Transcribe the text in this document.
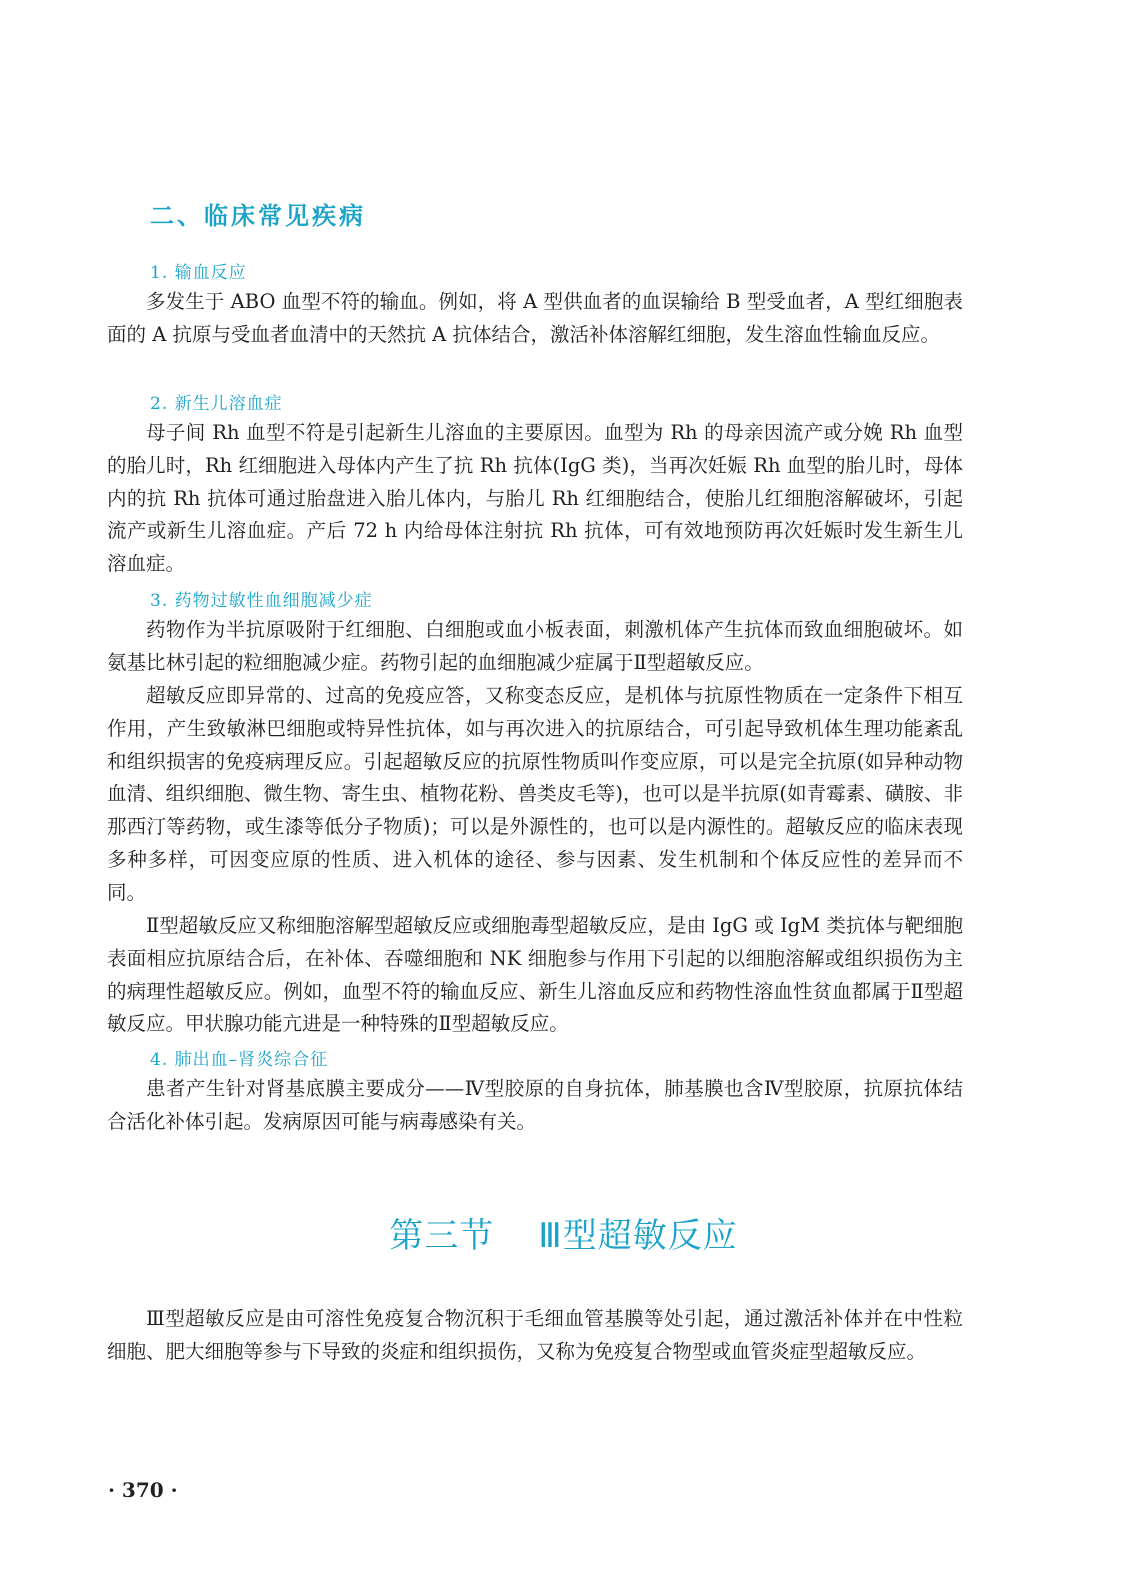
二、临床常见疾病
1. 输血反应

多发生于 ABO 血型不符的输血。例如，将 A 型供血者的血误输给 B 型受血者，A 型红细胞表面的 A 抗原与受血者血清中的天然抗 A 抗体结合，激活补体溶解红细胞，发生溶血性输血反应。

2. 新生儿溶血症

母子间 Rh 血型不符是引起新生儿溶血的主要原因。血型为 Rh 的母亲因流产或分娩 Rh 血型的胎儿时，Rh 红细胞进入母体内产生了抗 Rh 抗体(IgG 类)，当再次妊娠 Rh 血型的胎儿时，母体内的抗 Rh 抗体可通过胎盘进入胎儿体内，与胎儿 Rh 红细胞结合，使胎儿红细胞溶解破坏，引起流产或新生儿溶血症。产后 72 h 内给母体注射抗 Rh 抗体，可有效地预防再次妊娠时发生新生儿溶血症。

3. 药物过敏性血细胞减少症

药物作为半抗原吸附于红细胞、白细胞或血小板表面，刺激机体产生抗体而致血细胞破坏。如氨基比林引起的粒细胞减少症。药物引起的血细胞减少症属于Ⅱ型超敏反应。

超敏反应即异常的、过高的免疫应答，又称变态反应，是机体与抗原性物质在一定条件下相互作用，产生致敏淋巴细胞或特异性抗体，如与再次进入的抗原结合，可引起导致机体生理功能紊乱和组织损害的免疫病理反应。引起超敏反应的抗原性物质叫作变应原，可以是完全抗原(如异种动物血清、组织细胞、微生物、寄生虫、植物花粉、兽类皮毛等)，也可以是半抗原(如青霉素、磺胺、非那西汀等药物，或生漆等低分子物质)；可以是外源性的，也可以是内源性的。超敏反应的临床表现多种多样，可因变应原的性质、进入机体的途径、参与因素、发生机制和个体反应性的差异而不同。

Ⅱ型超敏反应又称细胞溶解型超敏反应或细胞毒型超敏反应，是由 IgG 或 IgM 类抗体与靶细胞表面相应抗原结合后，在补体、吞噬细胞和 NK 细胞参与作用下引起的以细胞溶解或组织损伤为主的病理性超敏反应。例如，血型不符的输血反应、新生儿溶血反应和药物性溶血性贫血都属于Ⅱ型超敏反应。甲状腺功能亢进是一种特殊的Ⅱ型超敏反应。

4. 肺出血–肾炎综合征

患者产生针对肾基底膜主要成分——Ⅳ型胶原的自身抗体，肺基膜也含Ⅳ型胶原，抗原抗体结合活化补体引起。发病原因可能与病毒感染有关。

第三节 Ⅲ型超敏反应

Ⅲ型超敏反应是由可溶性免疫复合物沉积于毛细血管基膜等处引起，通过激活补体并在中性粒细胞、肥大细胞等参与下导致的炎症和组织损伤，又称为免疫复合物型或血管炎症型超敏反应。

· 370 ·
